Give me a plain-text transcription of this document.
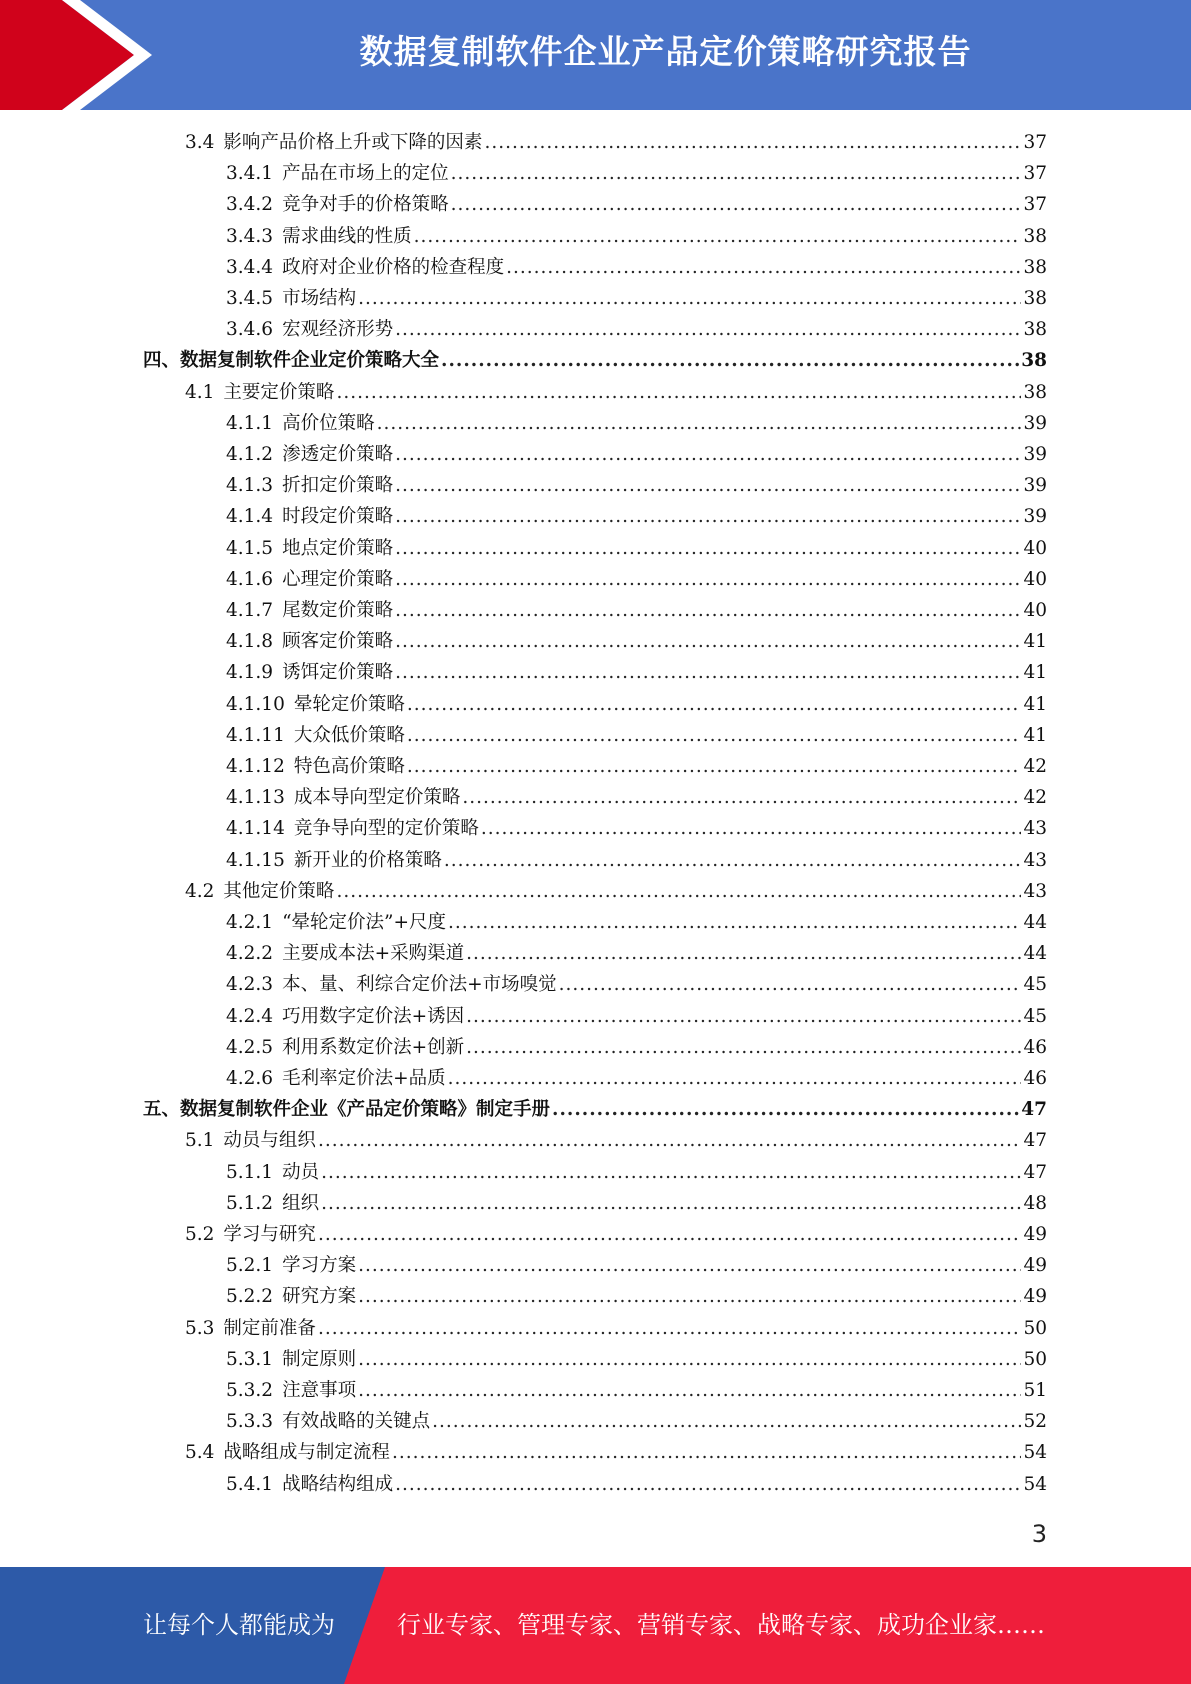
数据复制软件企业产品定价策略研究报告
3.4 影响产品价格上升或下降的因素 .....	37
3.4.1 产品在市场上的定位 .....	37
3.4.2 竞争对手的价格策略 .....	37
3.4.3 需求曲线的性质 .....	38
3.4.4 政府对企业价格的检查程度 .....	38
3.4.5 市场结构 .....	38
3.4.6 宏观经济形势 .....	38
四、数据复制软件企业定价策略大全 .....	38
4.1 主要定价策略 .....	38
4.1.1 高价位策略 .....	39
4.1.2 渗透定价策略 .....	39
4.1.3 折扣定价策略 .....	39
4.1.4 时段定价策略 .....	39
4.1.5 地点定价策略 .....	40
4.1.6 心理定价策略 .....	40
4.1.7 尾数定价策略 .....	40
4.1.8 顾客定价策略 .....	41
4.1.9 诱饵定价策略 .....	41
4.1.10 晕轮定价策略 .....	41
4.1.11 大众低价策略 .....	41
4.1.12 特色高价策略 .....	42
4.1.13 成本导向型定价策略 .....	42
4.1.14 竞争导向型的定价策略 .....	43
4.1.15 新开业的价格策略 .....	43
4.2 其他定价策略 .....	43
4.2.1 “晕轮定价法”+尺度 .....	44
4.2.2 主要成本法+采购渠道 .....	44
4.2.3 本、量、利综合定价法+市场嗅觉 .....	45
4.2.4 巧用数字定价法+诱因 .....	45
4.2.5 利用系数定价法+创新 .....	46
4.2.6 毛利率定价法+品质 .....	46
五、数据复制软件企业《产品定价策略》制定手册 .....	47
5.1 动员与组织 .....	47
5.1.1 动员 .....	47
5.1.2 组织 .....	48
5.2 学习与研究 .....	49
5.2.1 学习方案 .....	49
5.2.2 研究方案 .....	49
5.3 制定前准备 .....	50
5.3.1 制定原则 .....	50
5.3.2 注意事项 .....	51
5.3.3 有效战略的关键点 .....	52
5.4 战略组成与制定流程 .....	54
5.4.1 战略结构组成 .....	54
3
让每个人都能成为	行业专家、管理专家、营销专家、战略专家、成功企业家……
